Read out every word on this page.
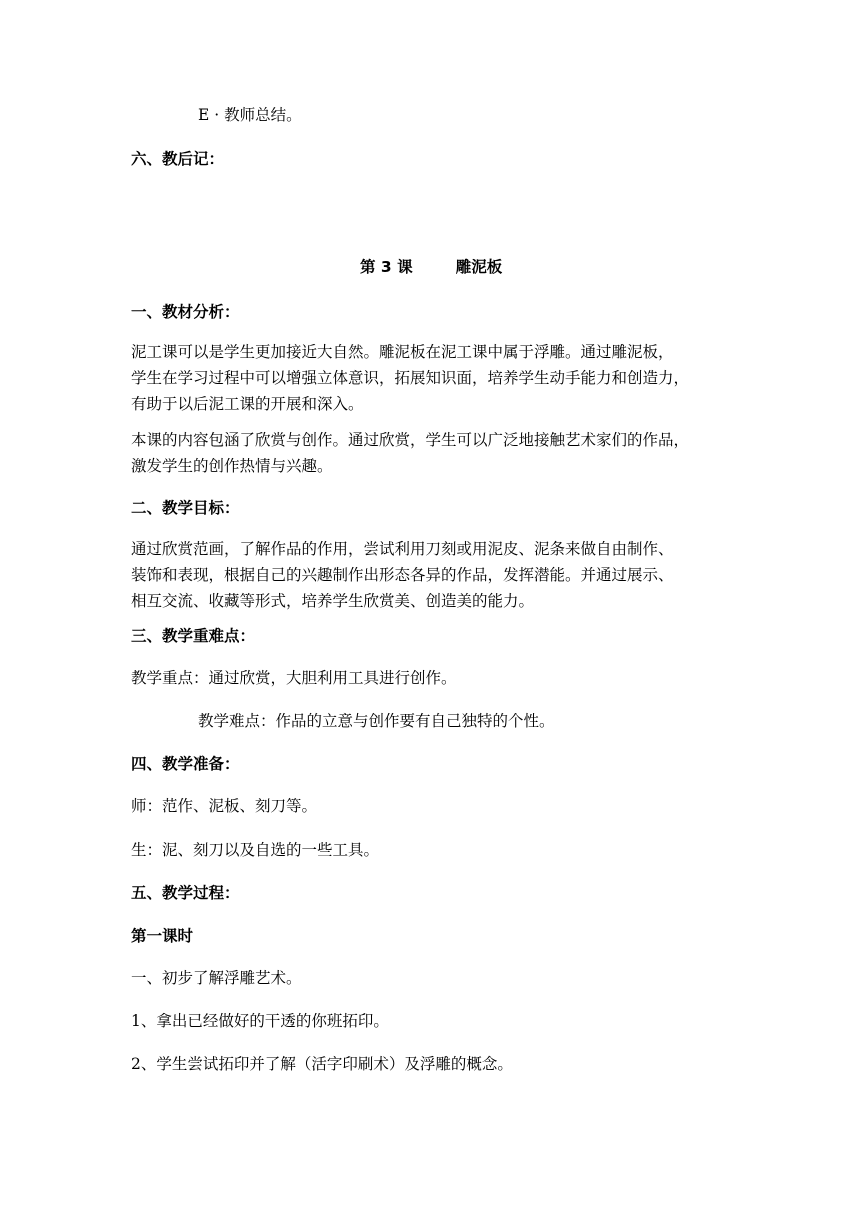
E · 教师总结。
六、教后记：
第 3 课        雕泥板
一、教材分析：
泥工课可以是学生更加接近大自然。雕泥板在泥工课中属于浮雕。通过雕泥板，
学生在学习过程中可以增强立体意识，拓展知识面，培养学生动手能力和创造力，
有助于以后泥工课的开展和深入。
本课的内容包涵了欣赏与创作。通过欣赏，学生可以广泛地接触艺术家们的作品，
激发学生的创作热情与兴趣。
二、教学目标：
通过欣赏范画，了解作品的作用，尝试利用刀刻或用泥皮、泥条来做自由制作、
装饰和表现，根据自己的兴趣制作出形态各异的作品，发挥潜能。并通过展示、
相互交流、收藏等形式，培养学生欣赏美、创造美的能力。
三、教学重难点：
教学重点：通过欣赏，大胆利用工具进行创作。
教学难点：作品的立意与创作要有自己独特的个性。
四、教学准备：
师：范作、泥板、刻刀等。
生：泥、刻刀以及自选的一些工具。
五、教学过程：
第一课时
一、初步了解浮雕艺术。
1、拿出已经做好的干透的你班拓印。
2、学生尝试拓印并了解（活字印刷术）及浮雕的概念。
